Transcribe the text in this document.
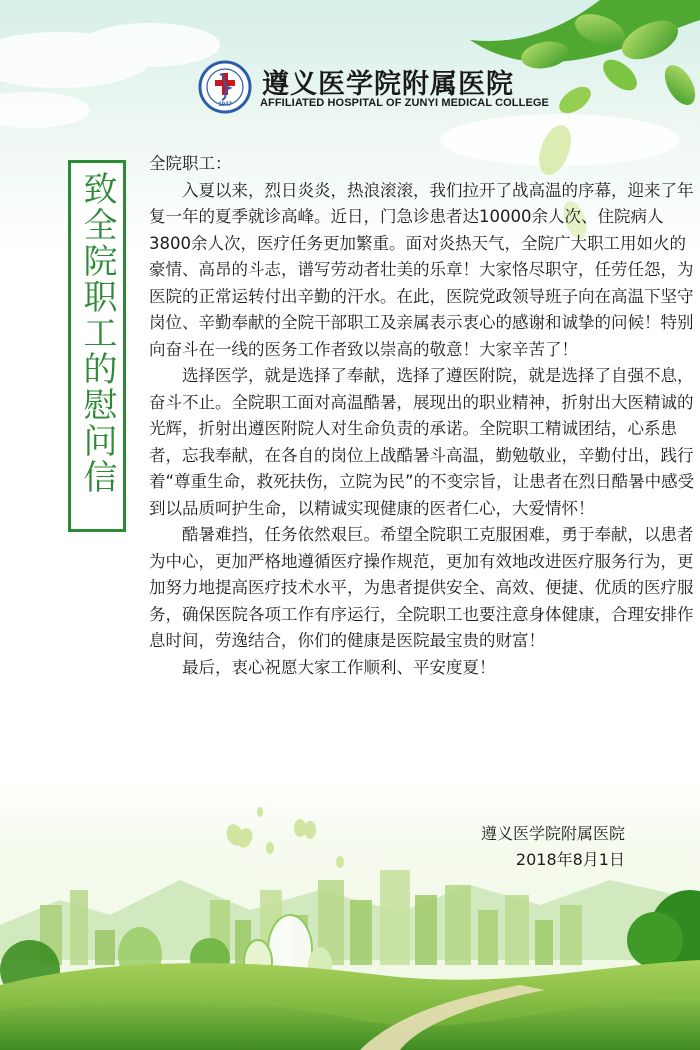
1947
遵义医学院附属医院
AFFILIATED HOSPITAL OF ZUNYI MEDICAL COLLEGE
致全院职工的慰问信

全院职工：

入夏以来，烈日炎炎，热浪滚滚，我们拉开了战高温的序幕，迎来了年复一年的夏季就诊高峰。近日，门急诊患者达10000余人次、住院病人3800余人次，医疗任务更加繁重。面对炎热天气，全院广大职工用如火的豪情、高昂的斗志，谱写劳动者壮美的乐章！大家恪尽职守，任劳任怨，为医院的正常运转付出辛勤的汗水。在此，医院党政领导班子向在高温下坚守岗位、辛勤奉献的全院干部职工及亲属表示衷心的感谢和诚挚的问候！特别向奋斗在一线的医务工作者致以崇高的敬意！大家辛苦了！

选择医学，就是选择了奉献，选择了遵医附院，就是选择了自强不息，奋斗不止。全院职工面对高温酷暑，展现出的职业精神，折射出大医精诚的光辉，折射出遵医附院人对生命负责的承诺。全院职工精诚团结，心系患者，忘我奉献，在各自的岗位上战酷暑斗高温，勤勉敬业，辛勤付出，践行着“尊重生命，救死扶伤，立院为民”的不变宗旨，让患者在烈日酷暑中感受到以品质呵护生命，以精诚实现健康的医者仁心，大爱情怀！

酷暑难挡，任务依然艰巨。希望全院职工克服困难，勇于奉献，以患者为中心，更加严格地遵循医疗操作规范，更加有效地改进医疗服务行为，更加努力地提高医疗技术水平，为患者提供安全、高效、便捷、优质的医疗服务，确保医院各项工作有序运行，全院职工也要注意身体健康，合理安排作息时间，劳逸结合，你们的健康是医院最宝贵的财富！

最后，衷心祝愿大家工作顺利、平安度夏！

遵义医学院附属医院
2018年8月1日
